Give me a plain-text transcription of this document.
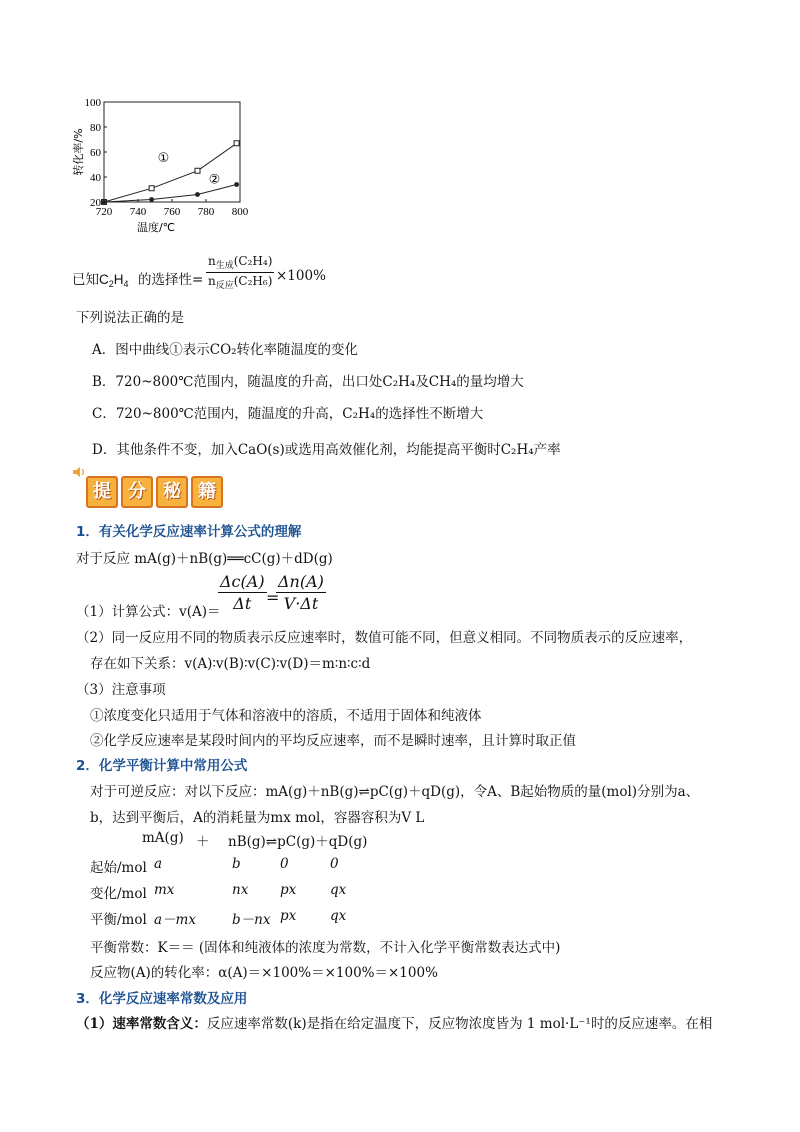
720 740 760 780 800
20
40
60
80
100
温度/℃
转化率/%	①
②
已知$C_2H_4$ 的选择性=
$n_{生成}(C_2H_4)$
$n_{反应}(C_2H_6) \times 100\%$
下列说法正确的是
A．图中曲线①表示CO₂转化率随温度的变化
B．720~800℃范围内，随温度的升高，出口处C₂H₄及CH₄的量均增大
C．720~800℃范围内，随温度的升高，C₂H₄的选择性不断增大
D．其他条件不变，加入CaO(s)或选用高效催化剂，均能提高平衡时C₂H₄产率
提 分 秘 籍
1．有关化学反应速率计算公式的理解
对于反应 mA(g)＋nB(g)══cC(g)＋dD(g)
（1）计算公式：v(A)＝
Δc(A)
Δt =
Δn(A)
V·Δt
（2）同一反应用不同的物质表示反应速率时，数值可能不同，但意义相同。不同物质表示的反应速率，
存在如下关系：v(A)∶v(B)∶v(C)∶v(D)＝m∶n∶c∶d
（3）注意事项
①浓度变化只适用于气体和溶液中的溶质，不适用于固体和纯液体
②化学反应速率是某段时间内的平均反应速率，而不是瞬时速率，且计算时取正值
2．化学平衡计算中常用公式
对于可逆反应：对以下反应：mA(g)＋nB(g)⇌pC(g)＋qD(g)，令A、B起始物质的量(mol)分别为a、
b，达到平衡后，A的消耗量为mx mol，容器容积为V L
mA(g) ＋ nB(g)⇌pC(g)＋qD(g)
起始/mol a	b	0	0
变化/mol mx	nx px qx
平衡/mol a－mx	b－nx px qx
平衡常数：K＝＝ (固体和纯液体的浓度为常数，不计入化学平衡常数表达式中)
反应物(A)的转化率：α(A)＝×100%＝×100%＝×100%
3．化学反应速率常数及应用
（1）速率常数含义：反应速率常数(k)是指在给定温度下，反应物浓度皆为 1 mol·L⁻¹时的反应速率。在相
